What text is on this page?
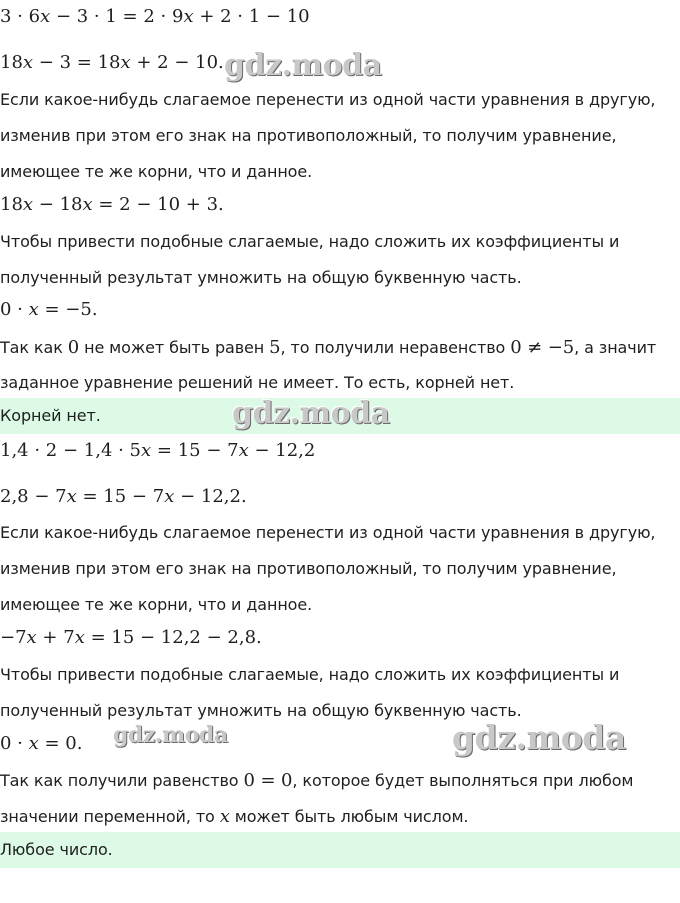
3 · 6x − 3 · 1 = 2 · 9x + 2 · 1 − 10
18x − 3 = 18x + 2 − 10.
Если какое-нибудь слагаемое перенести из одной части уравнения в другую,
изменив при этом его знак на противоположный, то получим уравнение,
имеющее те же корни, что и данное.
18x − 18x = 2 − 10 + 3.
Чтобы привести подобные слагаемые, надо сложить их коэффициенты и
полученный результат умножить на общую буквенную часть.
0 · x = −5.
Так как 0 не может быть равен 5, то получили неравенство 0 ≠ −5, а значит
заданное уравнение решений не имеет. То есть, корней нет.
Корней нет.
1,4 · 2 − 1,4 · 5x = 15 − 7x − 12,2
2,8 − 7x = 15 − 7x − 12,2.
Если какое-нибудь слагаемое перенести из одной части уравнения в другую,
изменив при этом его знак на противоположный, то получим уравнение,
имеющее те же корни, что и данное.
−7x + 7x = 15 − 12,2 − 2,8.
Чтобы привести подобные слагаемые, надо сложить их коэффициенты и
полученный результат умножить на общую буквенную часть.
0 · x = 0.
Так как получили равенство 0 = 0, которое будет выполняться при любом
значении переменной, то x может быть любым числом.
Любое число.
gdz.moda
gdz.moda
gdz.moda	gdz.moda
